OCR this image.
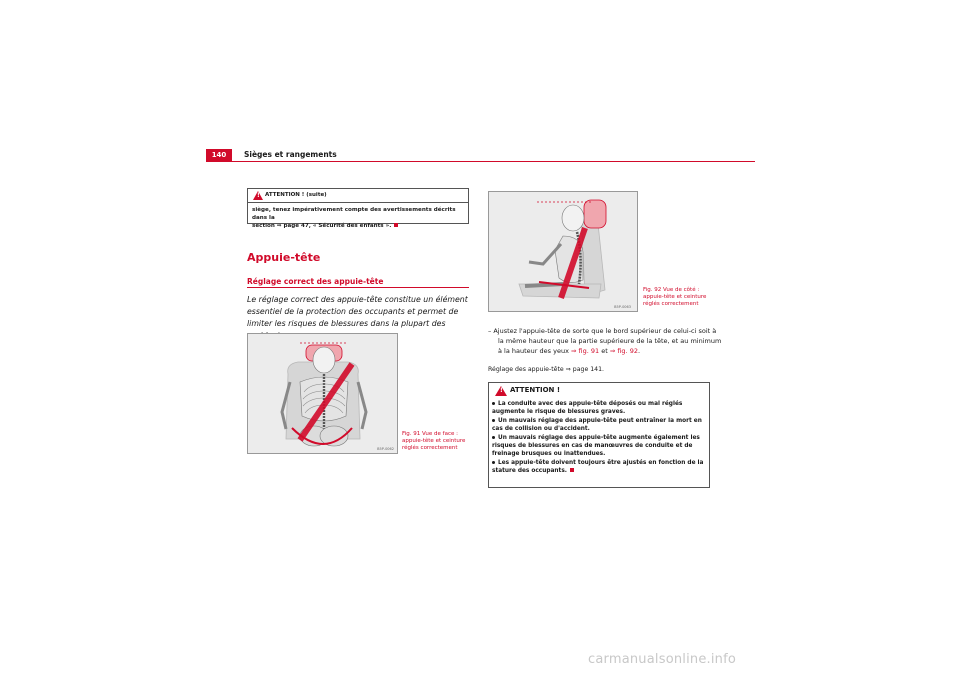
140	Sièges et rangements
!
ATTENTION ! (suite)
siège, tenez impérativement compte des avertissements décrits dans la
section ⇒ page 47, « Sécurité des enfants ».
Appuie-tête
Réglage correct des appuie-tête
Le réglage correct des appuie-tête constitue un élément essentiel de la protection des occupants et permet de limiter les risques de blessures dans la plupart des
B5P-0062
Fig. 91 Vue de face :
appuie-tête et ceinture
réglés correctement
B5P-0063
Fig. 92 Vue de côté :
appuie-tête et ceinture
réglés correctement
– Ajustez l'appuie-tête de sorte que le bord supérieur de celui-ci soit à la même hauteur que la partie supérieure de la tête, et au minimum à la hauteur des yeux ⇒ fig. 91 et ⇒ fig. 92.
Réglage des appuie-tête ⇒ page 141.
!
ATTENTION !
La conduite avec des appuie-tête déposés ou mal réglés augmente le risque de blessures graves.
Un mauvais réglage des appuie-tête peut entraîner la mort en cas de collision ou d'accident.
Un mauvais réglage des appuie-tête augmente également les risques de blessures en cas de manœuvres de conduite et de freinage brusques ou inattendues.
Les appuie-tête doivent toujours être ajustés en fonction de la stature des occupants.
carmanualsonline.info
